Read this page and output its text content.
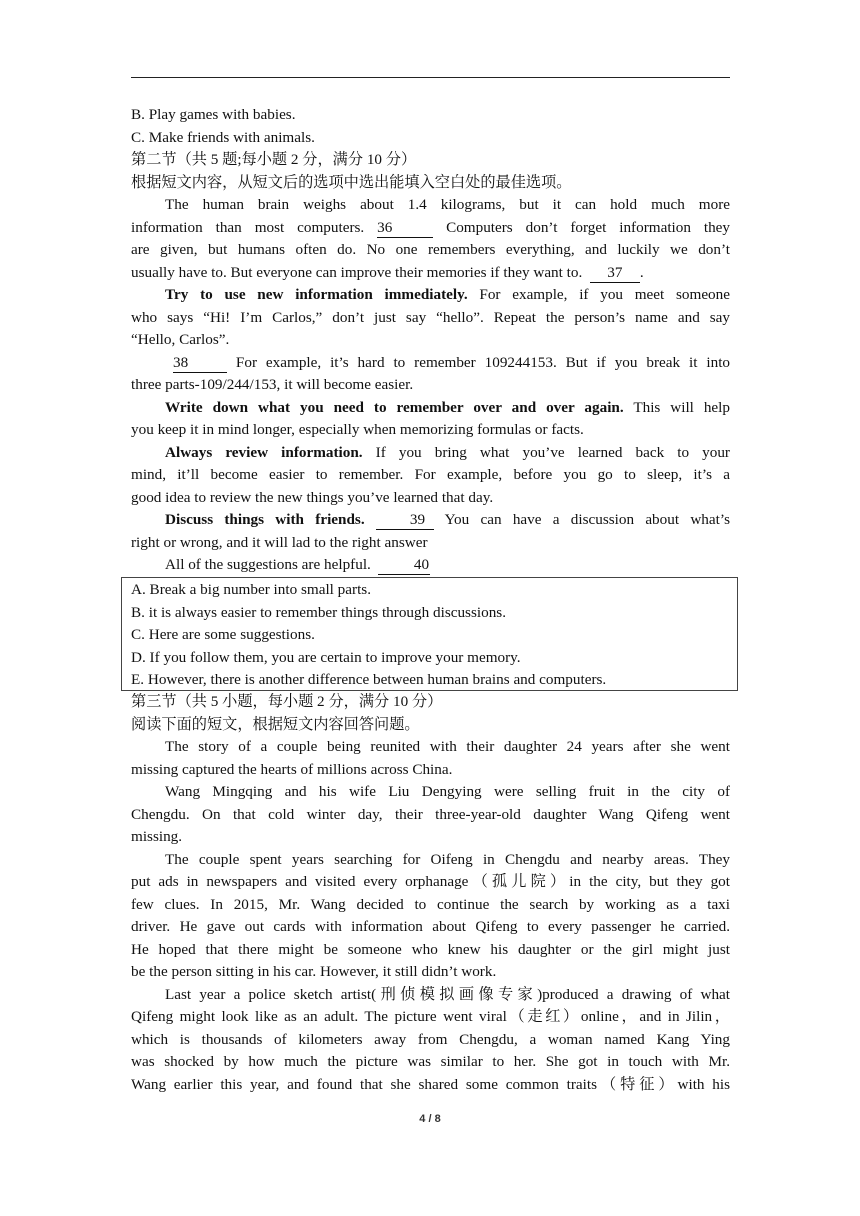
B. Play games with babies.
C. Make friends with animals.
第二节（共 5 题;每小题 2 分，满分 10 分）
根据短文内容，从短文后的选项中选出能填入空白处的最佳选项。
The human brain weighs about 1.4 kilograms, but it can hold much more
information than most computers. 36	Computers don’t forget information they
are given, but humans often do. No one remembers everything, and luckily we don’t
usually have to. But everyone can improve their memories if they want to. 37 .
Try to use new information immediately. For example, if you meet someone
who says “Hi! I’m Carlos,” don’t just say “hello”. Repeat the person’s name and say
“Hello, Carlos”.
38	For example, it’s hard to remember 109244153. But if you break it into
three parts-109/244/153, it will become easier.
Write down what you need to remember over and over again. This will help
you keep it in mind longer, especially when memorizing formulas or facts.
Always review information. If you bring what you’ve learned back to your
mind, it’ll become easier to remember. For example, before you go to sleep, it’s a
good idea to review the new things you’ve learned that day.
Discuss things with friends.	39 You can have a discussion about what’s
right or wrong, and it will lad to the right answer
All of the suggestions are helpful.	40
A. Break a big number into small parts.
B. it is always easier to remember things through discussions.
C. Here are some suggestions.
D. If you follow them, you are certain to improve your memory.
E. However, there is another difference between human brains and computers.
第三节（共 5 小题，每小题 2 分，满分 10 分）
阅读下面的短文，根据短文内容回答问题。
The story of a couple being reunited with their daughter 24 years after she went
missing captured the hearts of millions across China.
Wang Mingqing and his wife Liu Dengying were selling fruit in the city of
Chengdu. On that cold winter day, their three-year-old daughter Wang Qifeng went
missing.
The couple spent years searching for Oifeng in Chengdu and nearby areas. They
put ads in newspapers and visited every orphanage（孤儿院）in the city, but they got
few clues. In 2015, Mr. Wang decided to continue the search by working as a taxi
driver. He gave out cards with information about Qifeng to every passenger he carried.
He hoped that there might be someone who knew his daughter or the girl might just
be the person sitting in his car. However, it still didn’t work.
Last year a police sketch artist(刑侦模拟画像专家)produced a drawing of what
Qifeng might look like as an adult. The picture went viral（走红）online，and in Jilin，
which is thousands of kilometers away from Chengdu, a woman named Kang Ying
was shocked by how much the picture was similar to her. She got in touch with Mr.
Wang earlier this year, and found that she shared some common traits（特征）with his
4 / 8
